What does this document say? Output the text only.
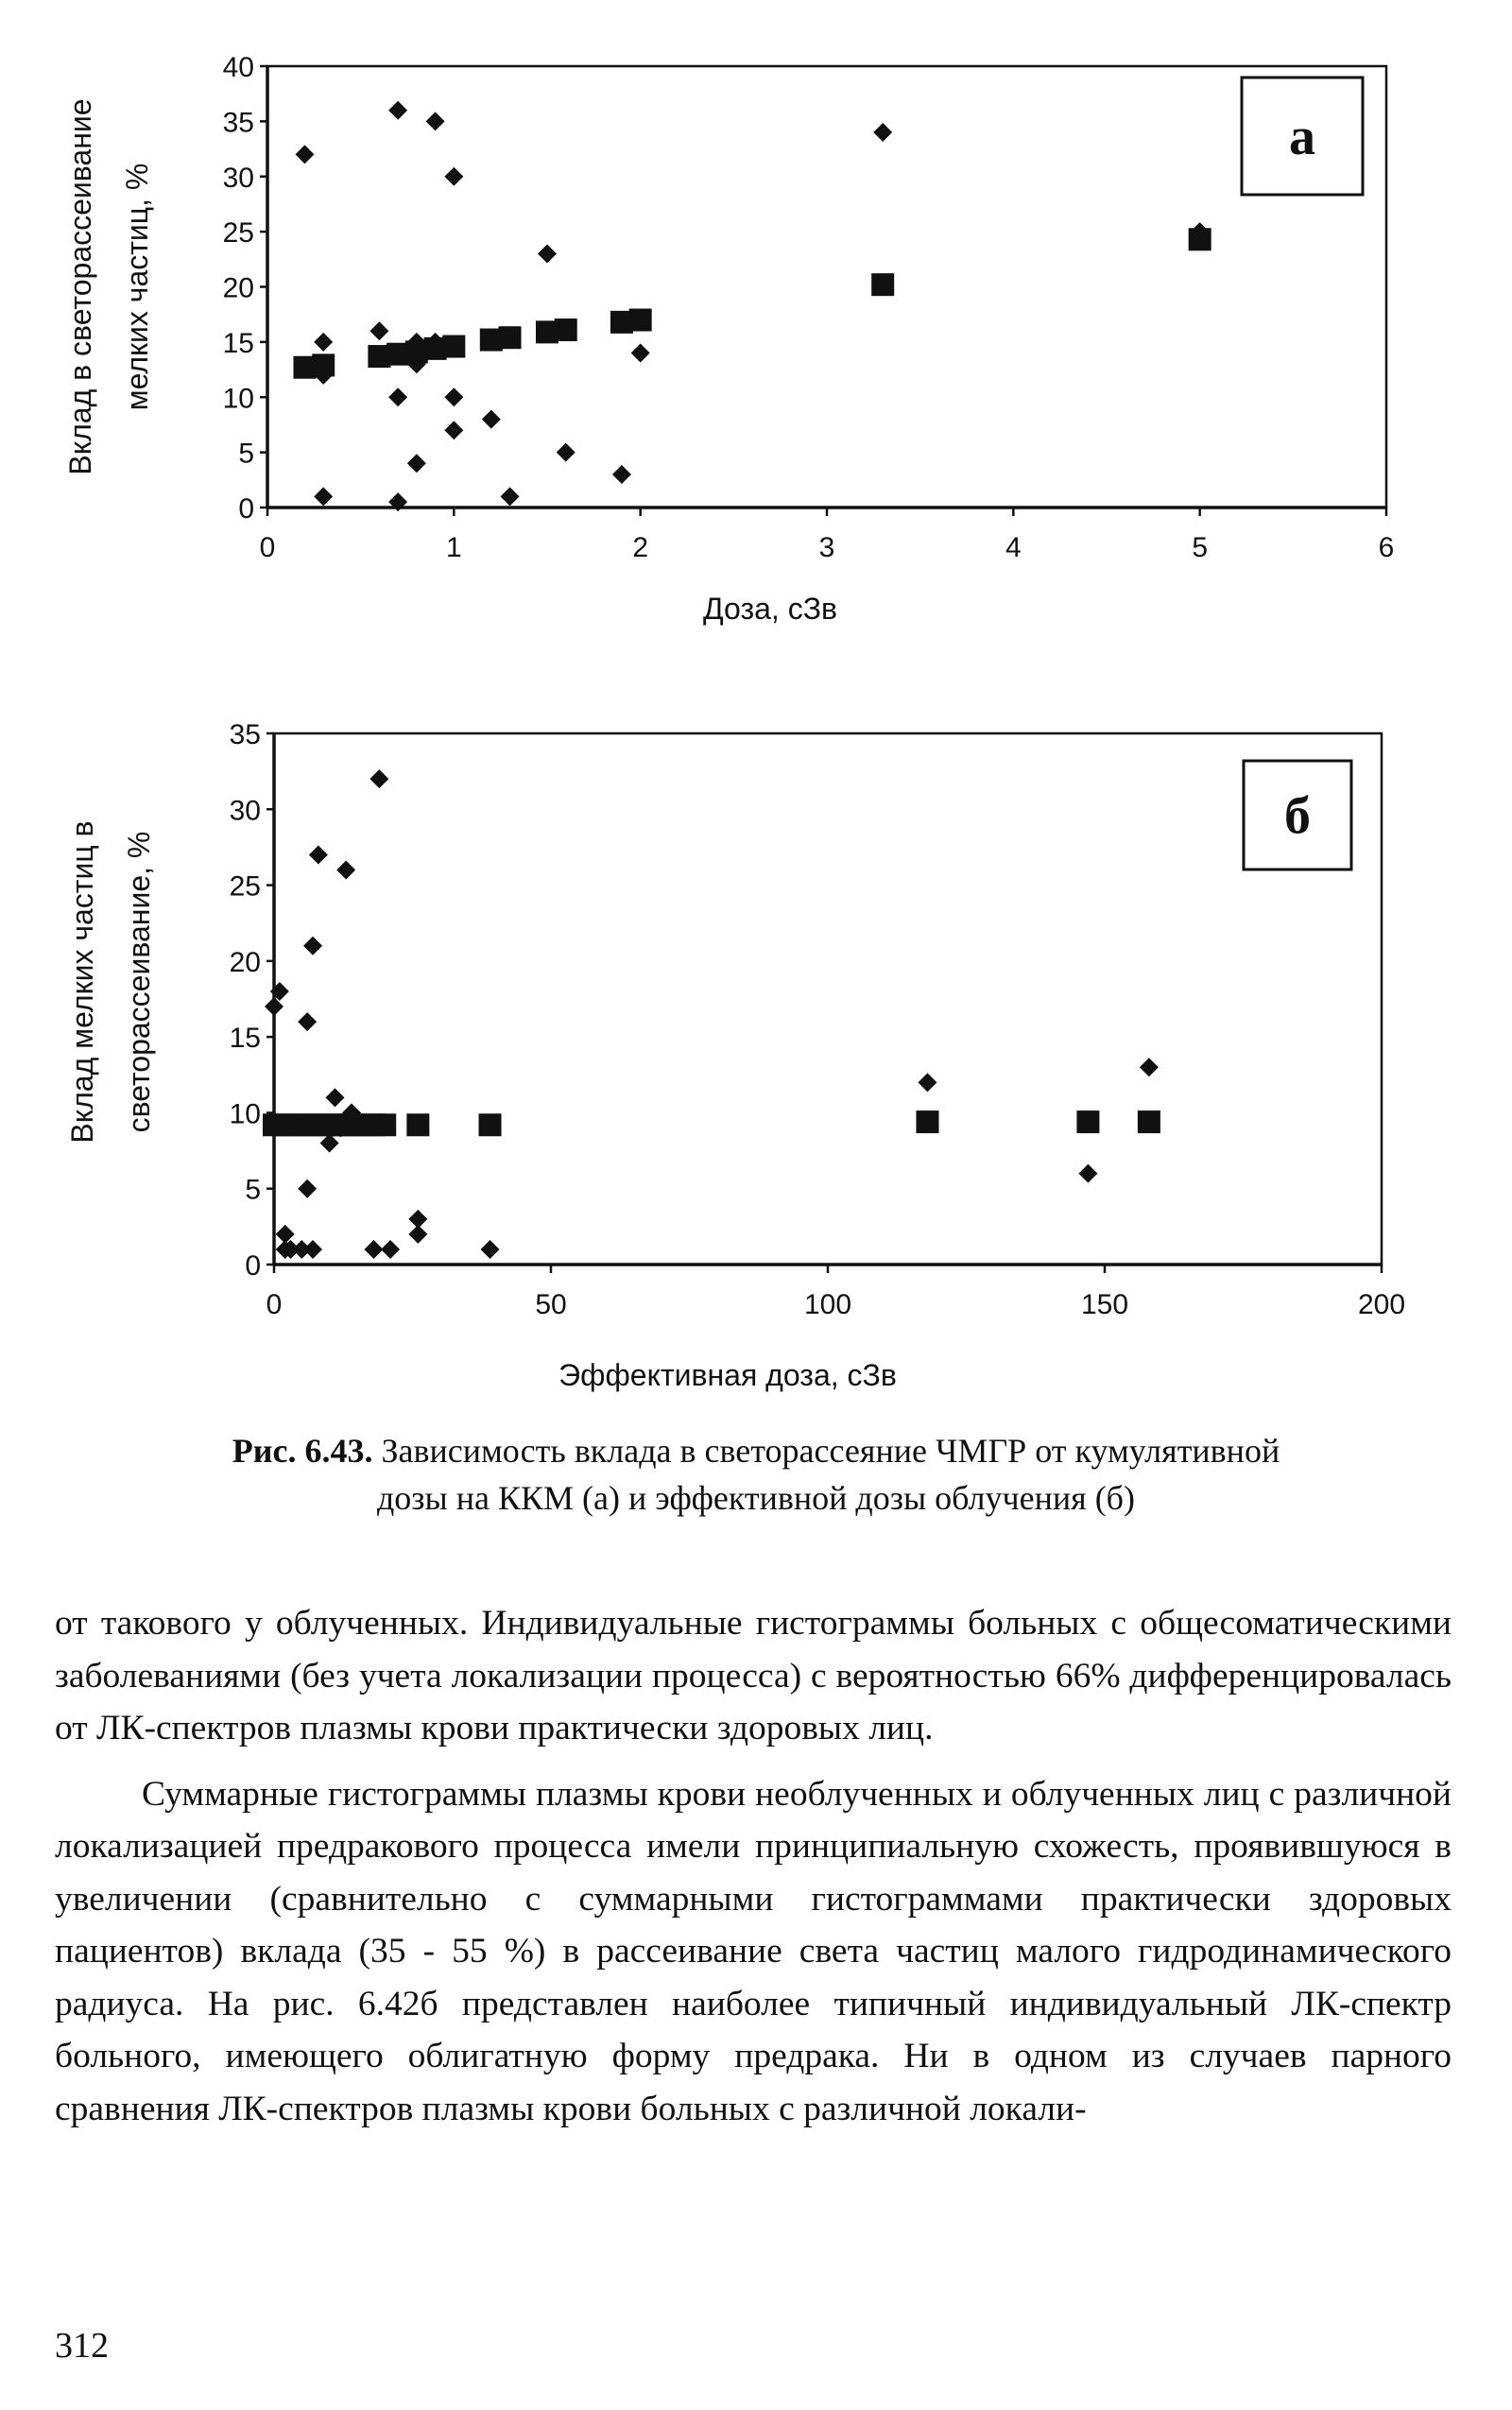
0
5
10
15
20
25
30
35
40
0	1	2	3	4	5	6
Доза, сЗв
Вклад в светорассеивание мелких частиц, %
а
0
5
10
15
20
25
30
35
0	50	100	150	200
Эффективная доза, сЗв
Вклад мелких частиц в светорассеивание, %
б
Рис. 6.43. Зависимость вклада в светорассеяние ЧМГР от кумулятивной
дозы на ККМ (а) и эффективной дозы облучения (б)

от такового у облученных. Индивидуальные гистограммы больных с общесоматическими заболеваниями (без учета локализации процесса) с вероятностью 66% дифференцировалась от ЛК-спектров плазмы крови практически здоровых лиц.

Суммарные гистограммы плазмы крови необлученных и облученных лиц с различной локализацией предракового процесса имели принципиальную схожесть, проявившуюся в увеличении (сравнительно с суммарными гистограммами практически здоровых пациентов) вклада (35 - 55 %) в рассеивание света частиц малого гидродинамического радиуса. На рис. 6.42б представлен наиболее типичный индивидуальный ЛК-спектр больного, имеющего облигатную форму предрака. Ни в одном из случаев парного сравнения ЛК-спектров плазмы крови больных с различной локали-

312
